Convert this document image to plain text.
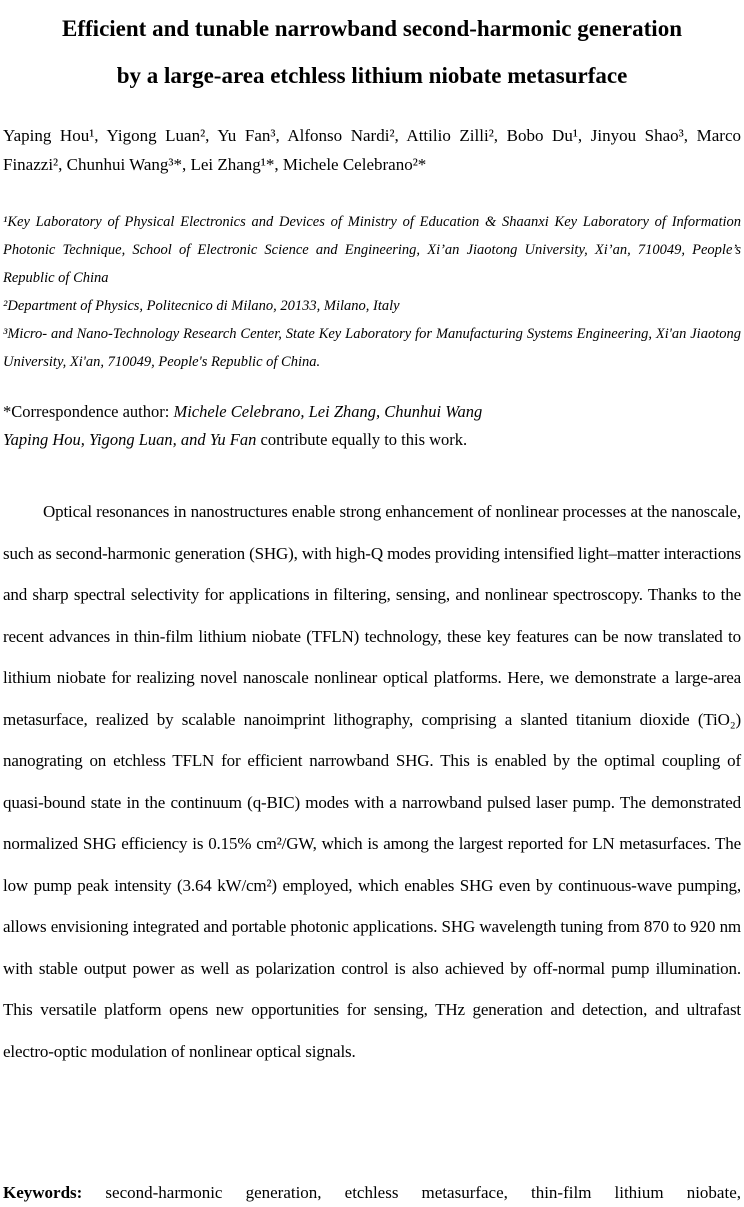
Efficient and tunable narrowband second-harmonic generation
by a large-area etchless lithium niobate metasurface
Yaping Hou¹, Yigong Luan², Yu Fan³, Alfonso Nardi², Attilio Zilli², Bobo Du¹, Jinyou Shao³, Marco Finazzi², Chunhui Wang³*, Lei Zhang¹*, Michele Celebrano²*

¹Key Laboratory of Physical Electronics and Devices of Ministry of Education & Shaanxi Key Laboratory of Information Photonic Technique, School of Electronic Science and Engineering, Xi’an Jiaotong University, Xi’an, 710049, People’s Republic of China

²Department of Physics, Politecnico di Milano, 20133, Milano, Italy

³Micro- and Nano-Technology Research Center, State Key Laboratory for Manufacturing Systems Engineering, Xi'an Jiaotong University, Xi'an, 710049, People's Republic of China.

*Correspondence author: Michele Celebrano, Lei Zhang, Chunhui Wang
Yaping Hou, Yigong Luan, and Yu Fan contribute equally to this work.

Optical resonances in nanostructures enable strong enhancement of nonlinear processes at the nanoscale, such as second-harmonic generation (SHG), with high-Q modes providing intensified light–matter interactions and sharp spectral selectivity for applications in filtering, sensing, and nonlinear spectroscopy. Thanks to the recent advances in thin-film lithium niobate (TFLN) technology, these key features can be now translated to lithium niobate for realizing novel nanoscale nonlinear optical platforms. Here, we demonstrate a large-area metasurface, realized by scalable nanoimprint lithography, comprising a slanted titanium dioxide (TiO₂) nanograting on etchless TFLN for efficient narrowband SHG. This is enabled by the optimal coupling of quasi-bound state in the continuum (q-BIC) modes with a narrowband pulsed laser pump. The demonstrated normalized SHG efficiency is 0.15% cm²/GW, which is among the largest reported for LN metasurfaces. The low pump peak intensity (3.64 kW/cm²) employed, which enables SHG even by continuous-wave pumping, allows envisioning integrated and portable photonic applications. SHG wavelength tuning from 870 to 920 nm with stable output power as well as polarization control is also achieved by off-normal pump illumination. This versatile platform opens new opportunities for sensing, THz generation and detection, and ultrafast electro-optic modulation of nonlinear optical signals.

Keywords: second-harmonic generation, etchless metasurface, thin-film lithium niobate,
